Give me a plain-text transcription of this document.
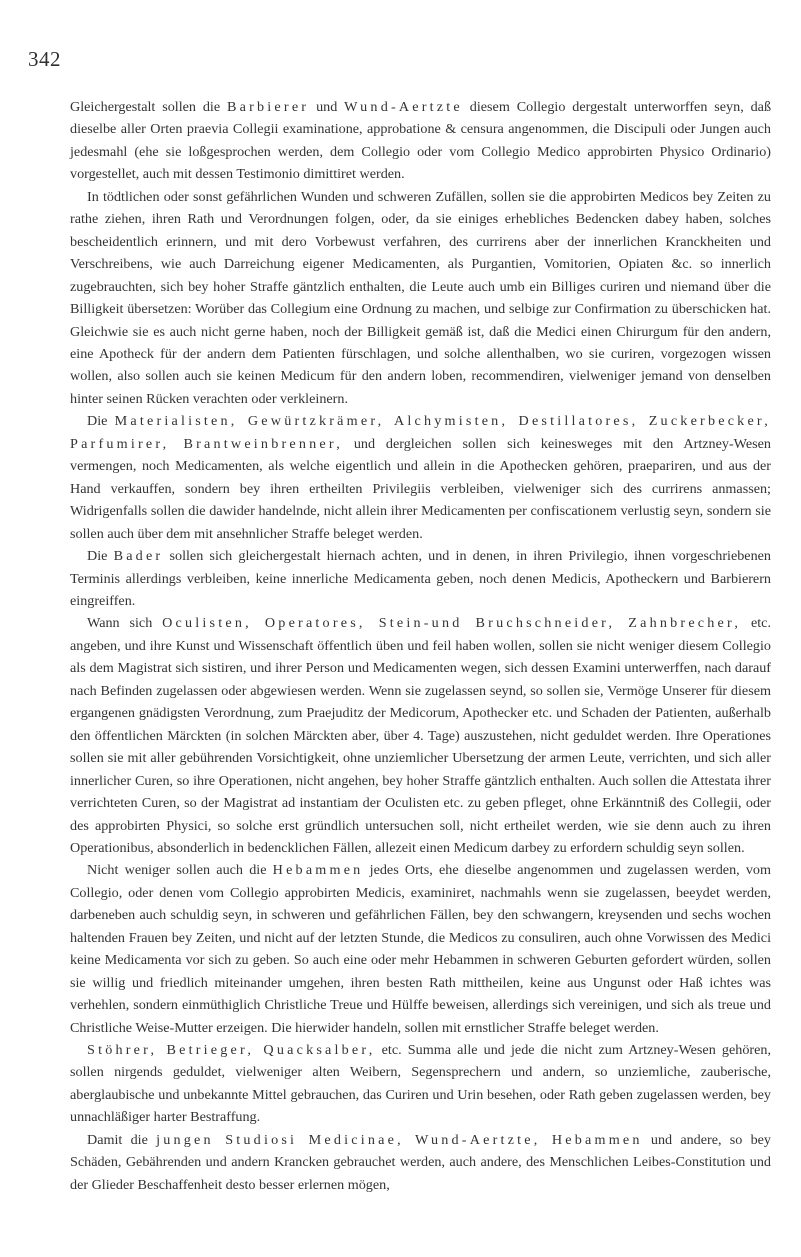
342

Gleichergestalt sollen die Barbierer und Wund-Aertzte diesem Collegio dergestalt unterworffen seyn, daß dieselbe aller Orten praevia Collegii examinatione, approbatione & censura angenommen, die Discipuli oder Jungen auch jedesmahl (ehe sie loßgesprochen werden, dem Collegio oder vom Collegio Medico approbirten Physico Ordinario) vorgestellet, auch mit dessen Testimonio dimittiret werden.

In tödtlichen oder sonst gefährlichen Wunden und schweren Zufällen, sollen sie die approbirten Medicos bey Zeiten zu rathe ziehen, ihren Rath und Verordnungen folgen, oder, da sie einiges erhebliches Bedencken dabey haben, solches bescheidentlich erinnern, und mit dero Vorbewust verfahren, des currirens aber der innerlichen Kranckheiten und Verschreibens, wie auch Darreichung eigener Medicamenten, als Purgantien, Vomitorien, Opiaten &c. so innerlich zugebrauchten, sich bey hoher Straffe gäntzlich enthalten, die Leute auch umb ein Billiges curiren und niemand über die Billigkeit übersetzen: Worüber das Collegium eine Ordnung zu machen, und selbige zur Confirmation zu überschicken hat. Gleichwie sie es auch nicht gerne haben, noch der Billigkeit gemäß ist, daß die Medici einen Chirurgum für den andern, eine Apotheck für der andern dem Patienten fürschlagen, und solche allenthalben, wo sie curiren, vorgezogen wissen wollen, also sollen auch sie keinen Medicum für den andern loben, recommendiren, vielweniger jemand von denselben hinter seinen Rücken verachten oder verkleinern.

Die Materialisten, Gewürtzkrämer, Alchymisten, Destillatores, Zuckerbecker, Parfumirer, Brantweinbrenner, und dergleichen sollen sich keinesweges mit den Artzney-Wesen vermengen, noch Medicamenten, als welche eigentlich und allein in die Apothecken gehören, praepariren, und aus der Hand verkauffen, sondern bey ihren ertheilten Privilegiis verbleiben, vielweniger sich des currirens anmassen; Widrigenfalls sollen die dawider handelnde, nicht allein ihrer Medicamenten per confiscationem verlustig seyn, sondern sie sollen auch über dem mit ansehnlicher Straffe beleget werden.

Die Bader sollen sich gleichergestalt hiernach achten, und in denen, in ihren Privilegio, ihnen vorgeschriebenen Terminis allerdings verbleiben, keine innerliche Medicamenta geben, noch denen Medicis, Apotheckern und Barbierern eingreiffen.

Wann sich Oculisten, Operatores, Stein-und Bruchschneider, Zahnbrecher, etc. angeben, und ihre Kunst und Wissenschaft öffentlich üben und feil haben wollen, sollen sie nicht weniger diesem Collegio als dem Magistrat sich sistiren, und ihrer Person und Medicamenten wegen, sich dessen Examini unterwerffen, nach darauf nach Befinden zugelassen oder abgewiesen werden. Wenn sie zugelassen seynd, so sollen sie, Vermöge Unserer für diesem ergangenen gnädigsten Verordnung, zum Praejuditz der Medicorum, Apothecker etc. und Schaden der Patienten, außerhalb den öffentlichen Märckten (in solchen Märckten aber, über 4. Tage) auszustehen, nicht geduldet werden. Ihre Operationes sollen sie mit aller gebührenden Vorsichtigkeit, ohne unziemlicher Ubersetzung der armen Leute, verrichten, und sich aller innerlicher Curen, so ihre Operationen, nicht angehen, bey hoher Straffe gäntzlich enthalten. Auch sollen die Attestata ihrer verrichteten Curen, so der Magistrat ad instantiam der Oculisten etc. zu geben pfleget, ohne Erkänntniß des Collegii, oder des approbirten Physici, so solche erst gründlich untersuchen soll, nicht ertheilet werden, wie sie denn auch zu ihren Operationibus, absonderlich in bedencklichen Fällen, allezeit einen Medicum darbey zu erfordern schuldig seyn sollen.

Nicht weniger sollen auch die Hebammen jedes Orts, ehe dieselbe angenommen und zugelassen werden, vom Collegio, oder denen vom Collegio approbirten Medicis, examiniret, nachmahls wenn sie zugelassen, beeydet werden, darbeneben auch schuldig seyn, in schweren und gefährlichen Fällen, bey den schwangern, kreysenden und sechs wochen haltenden Frauen bey Zeiten, und nicht auf der letzten Stunde, die Medicos zu consuliren, auch ohne Vorwissen des Medici keine Medicamenta vor sich zu geben. So auch eine oder mehr Hebammen in schweren Geburten gefordert würden, sollen sie willig und friedlich miteinander umgehen, ihren besten Rath mittheilen, keine aus Ungunst oder Haß ichtes was verhehlen, sondern einmüthiglich Christliche Treue und Hülffe beweisen, allerdings sich vereinigen, und sich als treue und Christliche Weise-Mutter erzeigen. Die hierwider handeln, sollen mit ernstlicher Straffe beleget werden.

Stöhrer, Betrieger, Quacksalber, etc. Summa alle und jede die nicht zum Artzney-Wesen gehören, sollen nirgends geduldet, vielweniger alten Weibern, Segensprechern und andern, so unziemliche, zauberische, aberglaubische und unbekannte Mittel gebrauchen, das Curiren und Urin besehen, oder Rath geben zugelassen werden, bey unnachläßiger harter Bestraffung.

Damit die jungen Studiosi Medicinae, Wund-Aertzte, Hebammen und andere, so bey Schäden, Gebährenden und andern Krancken gebrauchet werden, auch andere, des Menschlichen Leibes-Constitution und der Glieder Beschaffenheit desto besser erlernen mögen,
